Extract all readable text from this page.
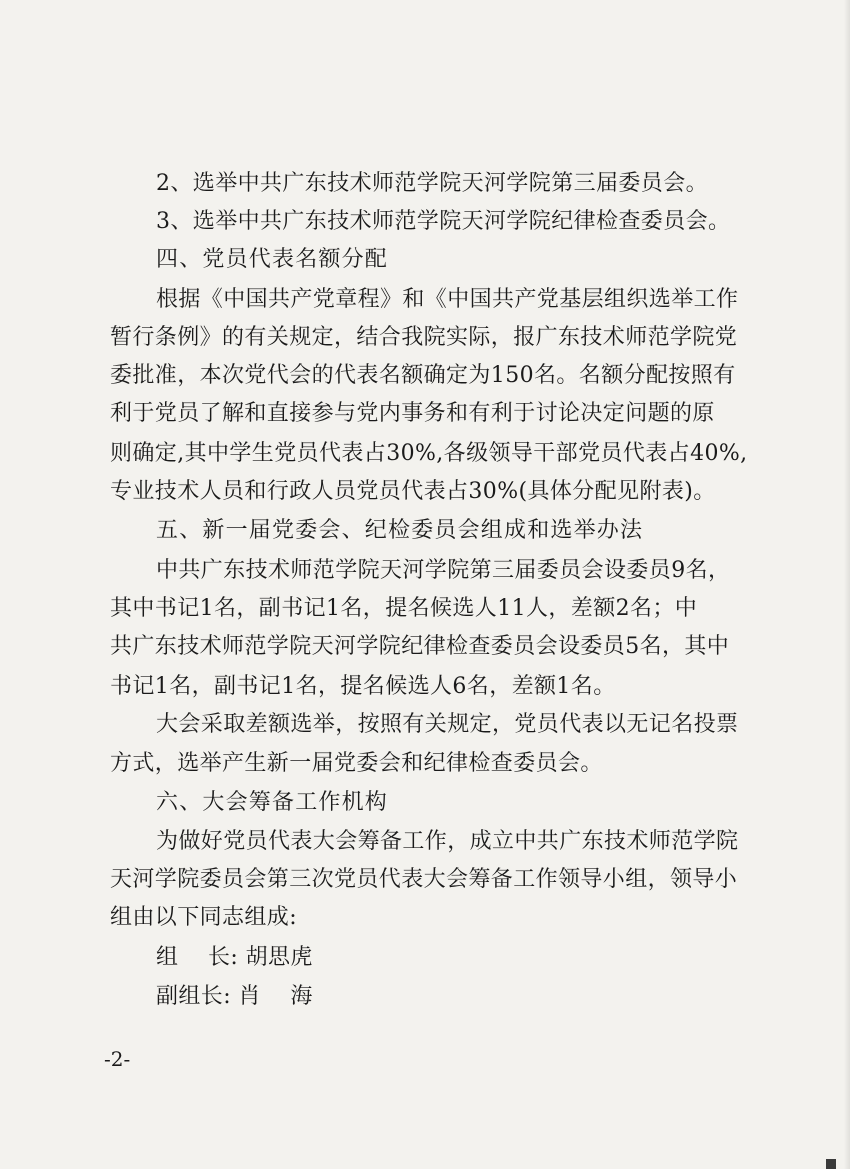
2、选举中共广东技术师范学院天河学院第三届委员会。
3、选举中共广东技术师范学院天河学院纪律检查委员会。
四、党员代表名额分配
根据《中国共产党章程》和《中国共产党基层组织选举工作
暂行条例》的有关规定，结合我院实际，报广东技术师范学院党
委批准，本次党代会的代表名额确定为150名。名额分配按照有
利于党员了解和直接参与党内事务和有利于讨论决定问题的原
则确定,其中学生党员代表占30%,各级领导干部党员代表占40%,
专业技术人员和行政人员党员代表占30%(具体分配见附表)。
五、新一届党委会、纪检委员会组成和选举办法
中共广东技术师范学院天河学院第三届委员会设委员9名，
其中书记1名，副书记1名，提名候选人11人，差额2名；中
共广东技术师范学院天河学院纪律检查委员会设委员5名，其中
书记1名，副书记1名，提名候选人6名，差额1名。
大会采取差额选举，按照有关规定，党员代表以无记名投票
方式，选举产生新一届党委会和纪律检查委员会。
六、大会筹备工作机构
为做好党员代表大会筹备工作，成立中共广东技术师范学院
天河学院委员会第三次党员代表大会筹备工作领导小组，领导小
组由以下同志组成:
组    长: 胡思虎
副组长: 肖    海
-2-
